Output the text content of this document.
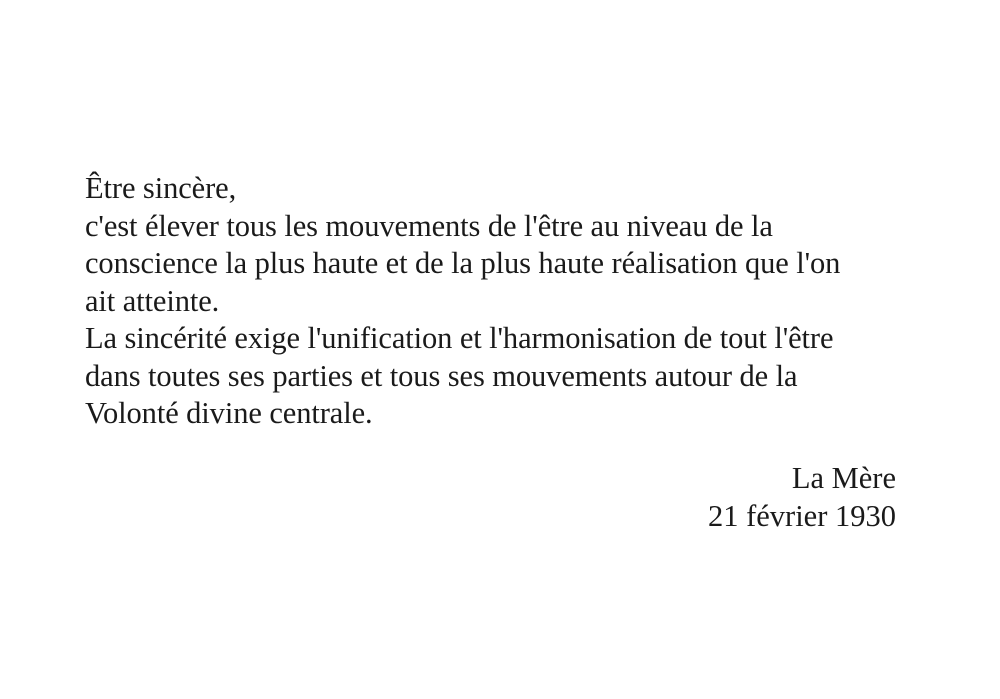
Être sincère,
c'est élever tous les mouvements de l'être au niveau de la
conscience la plus haute et de la plus haute réalisation que l'on
ait atteinte.
La sincérité exige l'unification et l'harmonisation de tout l'être
dans toutes ses parties et tous ses mouvements autour de la
Volonté divine centrale.
La Mère
21 février 1930
